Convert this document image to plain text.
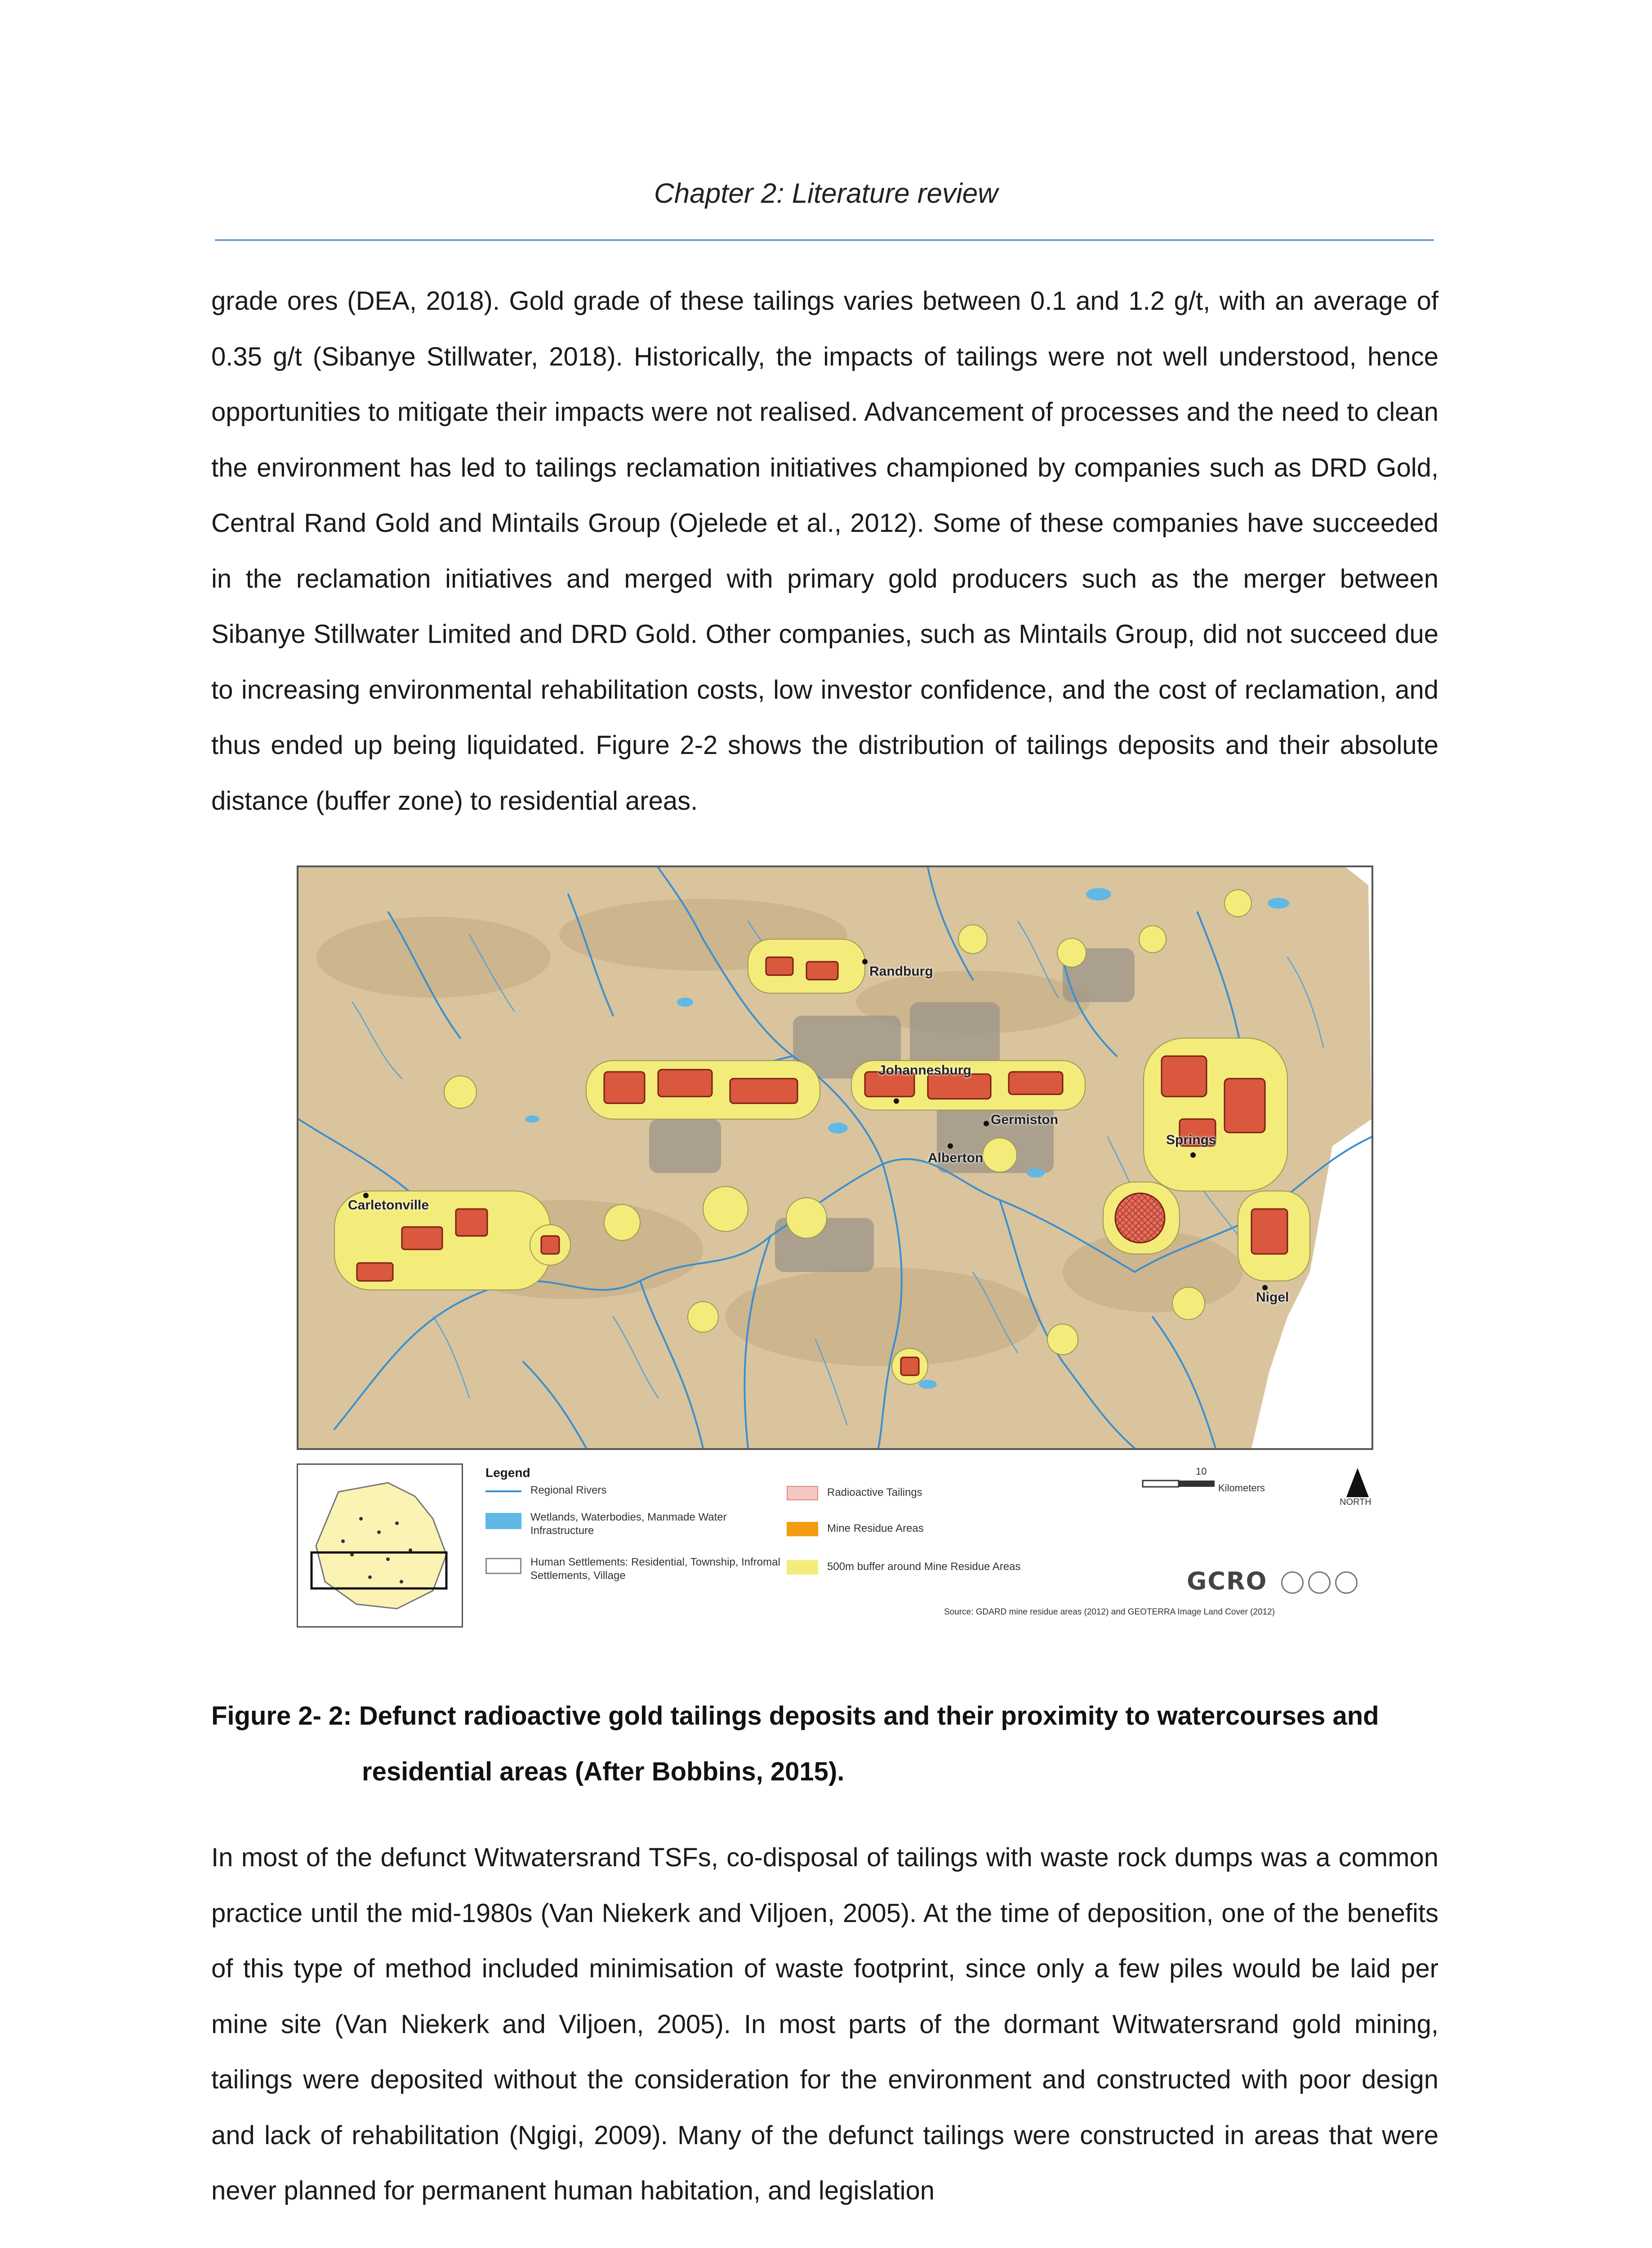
Chapter 2: Literature review

grade ores (DEA, 2018). Gold grade of these tailings varies between 0.1 and 1.2 g/t, with an average of 0.35 g/t (Sibanye Stillwater, 2018). Historically, the impacts of tailings were not well understood, hence opportunities to mitigate their impacts were not realised. Advancement of processes and the need to clean the environment has led to tailings reclamation initiatives championed by companies such as DRD Gold, Central Rand Gold and Mintails Group (Ojelede et al., 2012). Some of these companies have succeeded in the reclamation initiatives and merged with primary gold producers such as the merger between Sibanye Stillwater Limited and DRD Gold. Other companies, such as Mintails Group, did not succeed due to increasing environmental rehabilitation costs, low investor confidence, and the cost of reclamation, and thus ended up being liquidated. Figure 2-2 shows the distribution of tailings deposits and their absolute distance (buffer zone) to residential areas.

Randburg
Johannesburg
Germiston
Alberton
Springs
Carletonville
Nigel
Legend
Regional Rivers
Wetlands, Waterbodies, Manmade Water Infrastructure
Human Settlements: Residential, Township, Infromal Settlements, Village
Radioactive Tailings
Mine Residue Areas
500m buffer around Mine Residue Areas
10
Kilometers
NORTH
GCRO
Source: GDARD mine residue areas (2012) and GEOTERRA Image Land Cover (2012)
Figure 2- 2: Defunct radioactive gold tailings deposits and their proximity to watercourses and
residential areas (After Bobbins, 2015).

In most of the defunct Witwatersrand TSFs, co-disposal of tailings with waste rock dumps was a common practice until the mid-1980s (Van Niekerk and Viljoen, 2005). At the time of deposition, one of the benefits of this type of method included minimisation of waste footprint, since only a few piles would be laid per mine site (Van Niekerk and Viljoen, 2005). In most parts of the dormant Witwatersrand gold mining, tailings were deposited without the consideration for the environment and constructed with poor design and lack of rehabilitation (Ngigi, 2009). Many of the defunct tailings were constructed in areas that were never planned for permanent human habitation, and legislation
